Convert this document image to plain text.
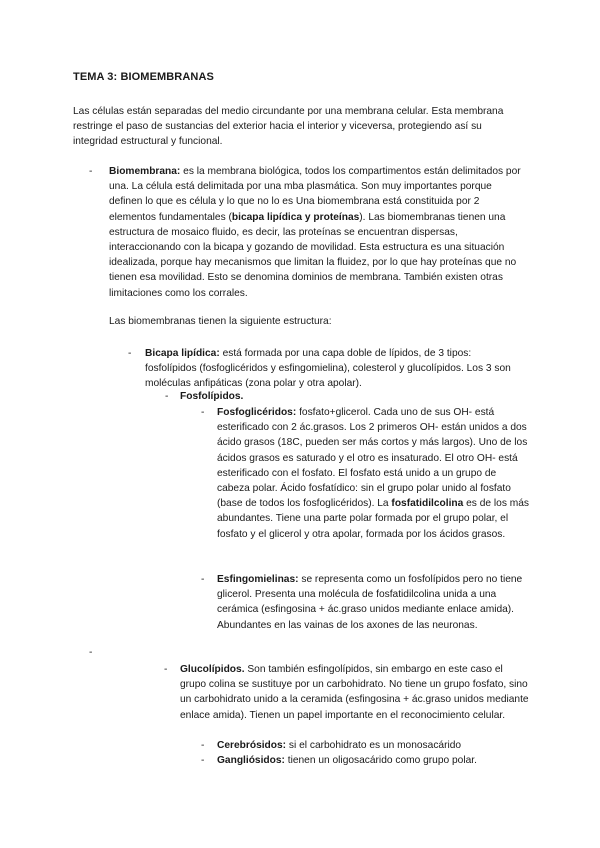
TEMA 3: BIOMEMBRANAS
Las células están separadas del medio circundante por una membrana celular. Esta membrana restringe el paso de sustancias del exterior hacia el interior y viceversa, protegiendo así su integridad estructural y funcional.
- Biomembrana: es la membrana biológica, todos los compartimentos están delimitados por una. La célula está delimitada por una mba plasmática. Son muy importantes porque definen lo que es célula y lo que no lo es Una biomembrana está constituida por 2 elementos fundamentales (bicapa lipídica y proteínas). Las biomembranas tienen una estructura de mosaico fluido, es decir, las proteínas se encuentran dispersas, interaccionando con la bicapa y gozando de movilidad. Esta estructura es una situación idealizada, porque hay mecanismos que limitan la fluidez, por lo que hay proteínas que no tienen esa movilidad. Esto se denomina dominios de membrana. También existen otras limitaciones como los corrales.
Las biomembranas tienen la siguiente estructura:
- Bicapa lipídica: está formada por una capa doble de lípidos, de 3 tipos: fosfolípidos (fosfoglicéridos y esfingomielina), colesterol y glucolípidos. Los 3 son moléculas anfipáticas (zona polar y otra apolar).
- Fosfolípidos.
- Fosfoglicéridos: fosfato+glicerol. Cada uno de sus OH- está esterificado con 2 ác.grasos. Los 2 primeros OH- están unidos a dos ácido grasos (18C, pueden ser más cortos y más largos). Uno de los ácidos grasos es saturado y el otro es insaturado. El otro OH- está esterificado con el fosfato. El fosfato está unido a un grupo de cabeza polar. Ácido fosfatídico: sin el grupo polar unido al fosfato (base de todos los fosfoglicéridos). La fosfatidilcolina es de los más abundantes. Tiene una parte polar formada por el grupo polar, el fosfato y el glicerol y otra apolar, formada por los ácidos grasos.
- Esfingomielinas: se representa como un fosfolípidos pero no tiene glicerol. Presenta una molécula de fosfatidilcolina unida a una cerámica (esfingosina + ác.graso unidos mediante enlace amida). Abundantes en las vainas de los axones de las neuronas.
-
- Glucolípidos. Son también esfingolípidos, sin embargo en este caso el grupo colina se sustituye por un carbohidrato. No tiene un grupo fosfato, sino un carbohidrato unido a la ceramida (esfingosina + ác.graso unidos mediante enlace amida). Tienen un papel importante en el reconocimiento celular.
- Cerebrósidos: si el carbohidrato es un monosacárido
- Gangliósidos: tienen un oligosacárido como grupo polar.
